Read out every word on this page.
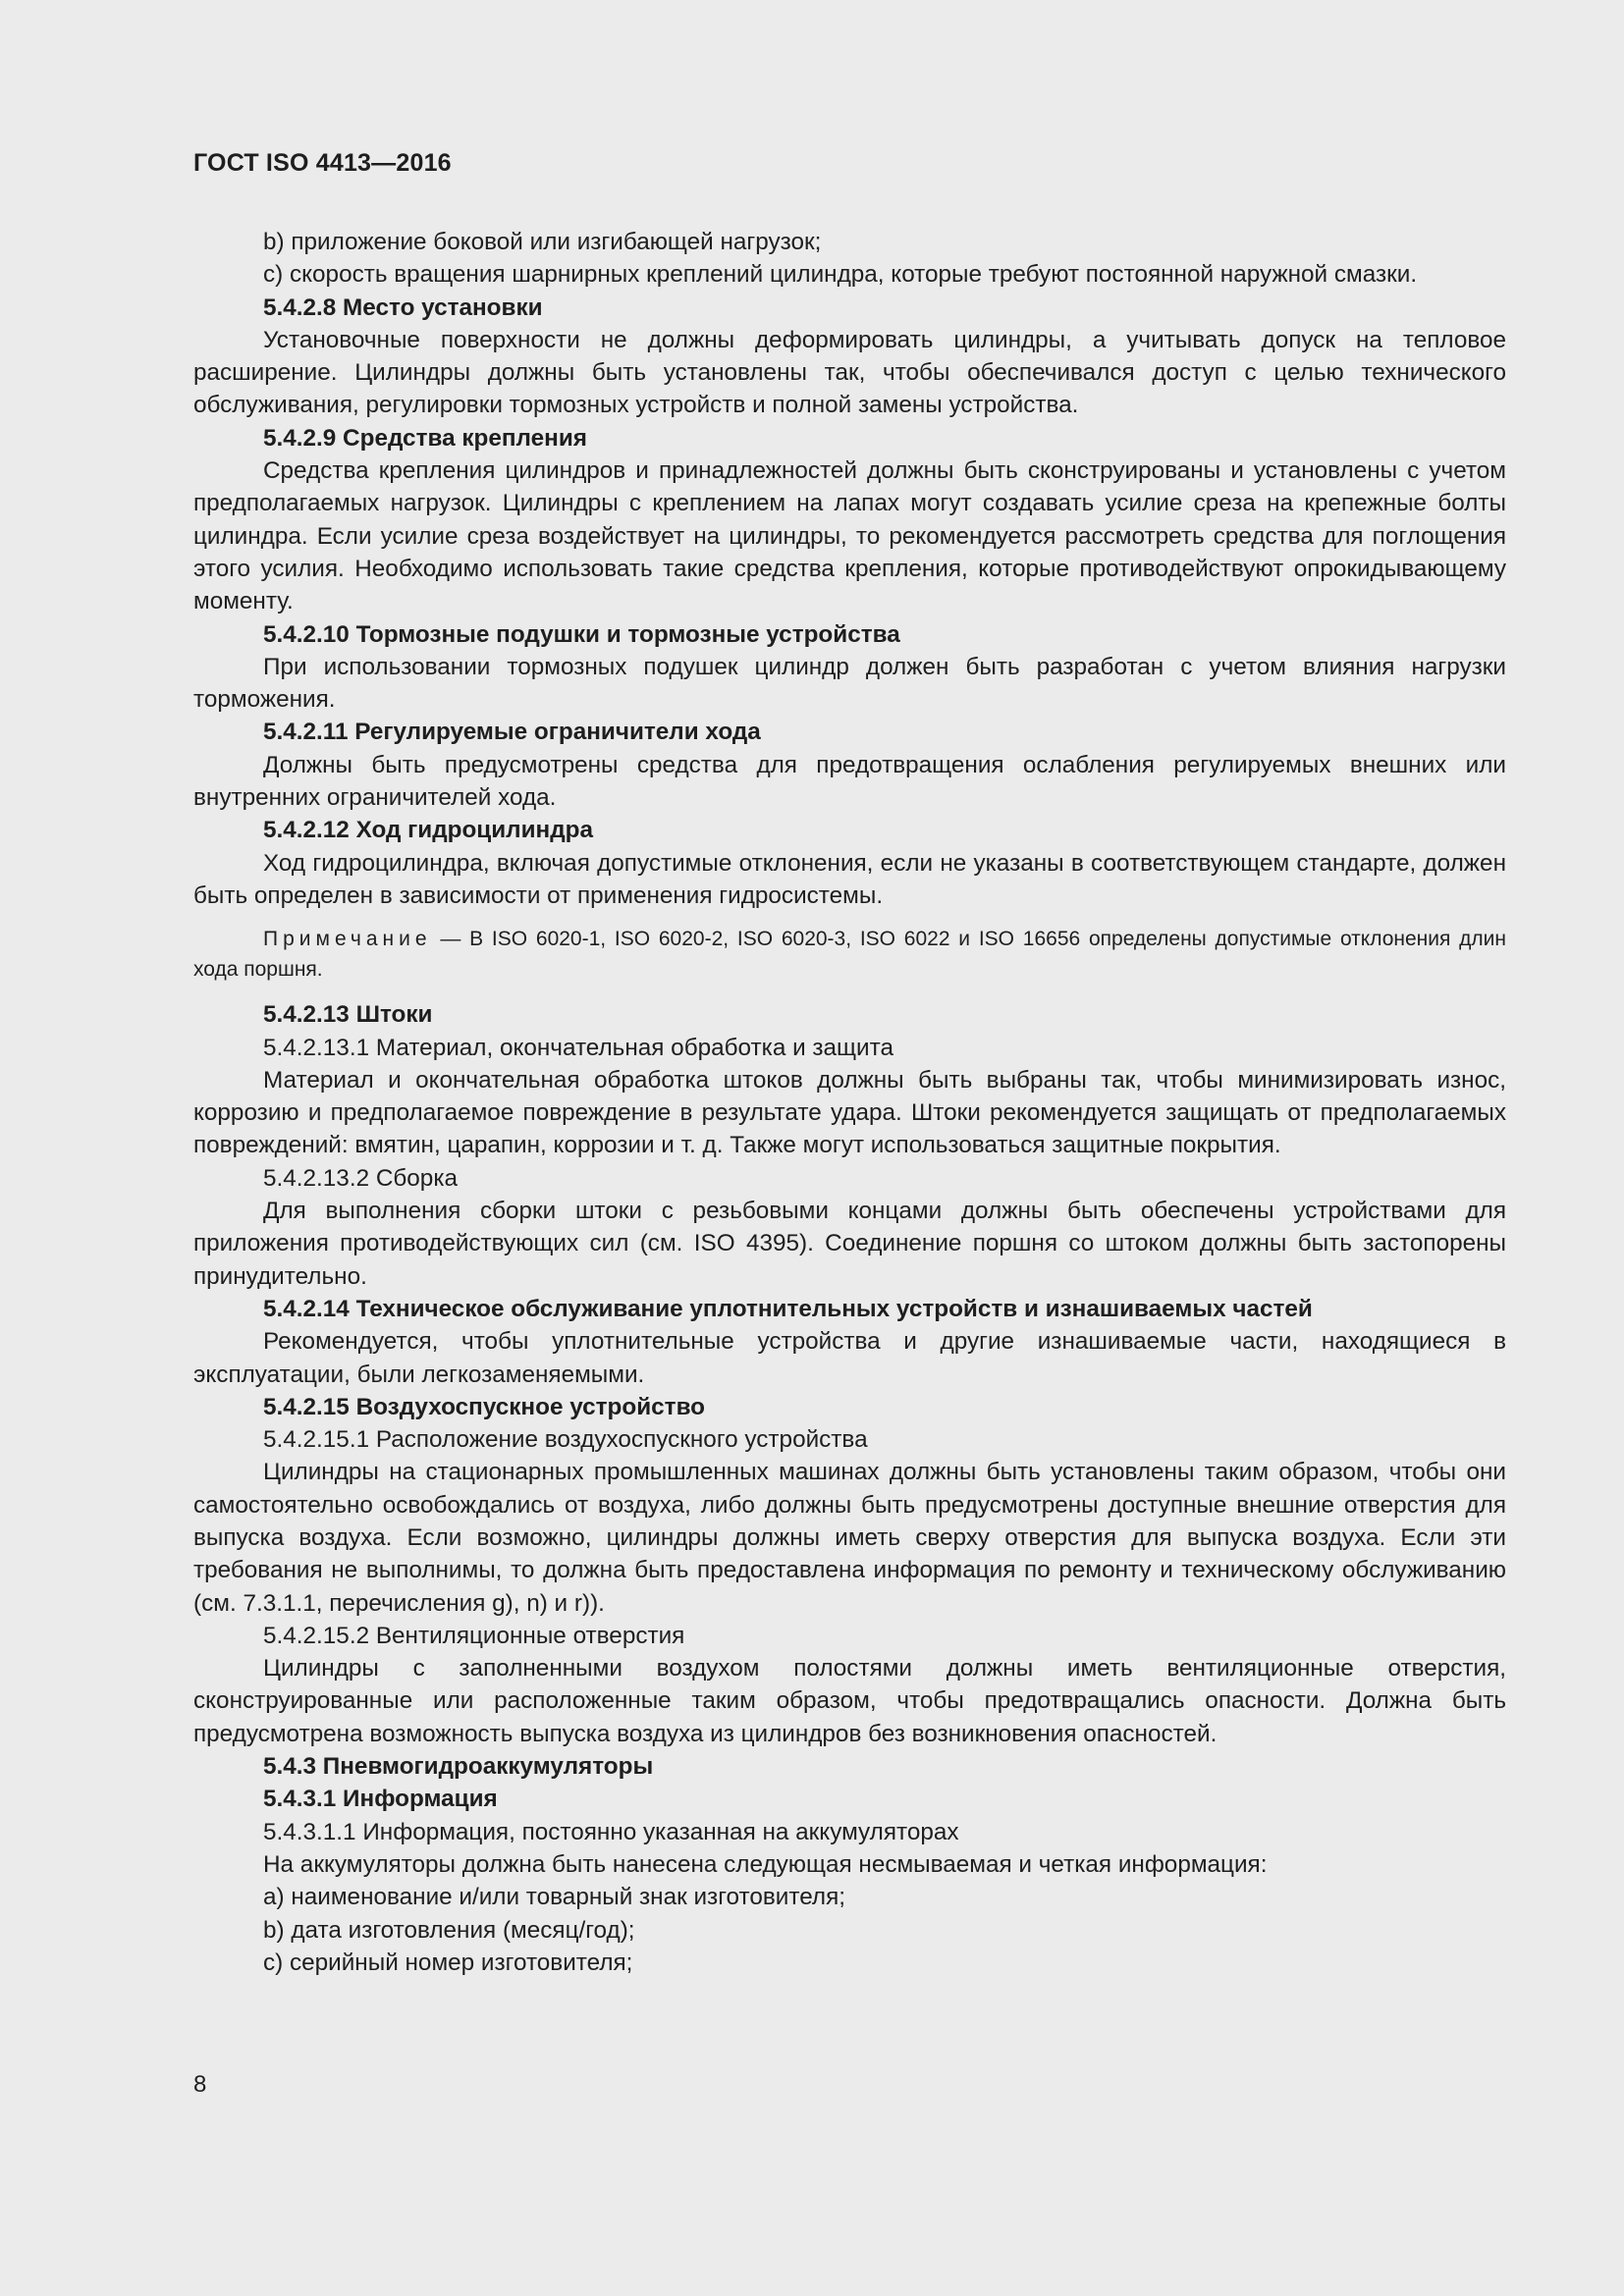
ГОСТ ISO 4413—2016

b) приложение боковой или изгибающей нагрузок;

c) скорость вращения шарнирных креплений цилиндра, которые требуют постоянной наружной смазки.

5.4.2.8 Место установки

Установочные поверхности не должны деформировать цилиндры, а учитывать допуск на тепловое расширение. Цилиндры должны быть установлены так, чтобы обеспечивался доступ с целью технического обслуживания, регулировки тормозных устройств и полной замены устройства.

5.4.2.9 Средства крепления

Средства крепления цилиндров и принадлежностей должны быть сконструированы и установлены с учетом предполагаемых нагрузок. Цилиндры с креплением на лапах могут создавать усилие среза на крепежные болты цилиндра. Если усилие среза воздействует на цилиндры, то рекомендуется рассмотреть средства для поглощения этого усилия. Необходимо использовать такие средства крепления, которые противодействуют опрокидывающему моменту.

5.4.2.10 Тормозные подушки и тормозные устройства

При использовании тормозных подушек цилиндр должен быть разработан с учетом влияния нагрузки торможения.

5.4.2.11 Регулируемые ограничители хода

Должны быть предусмотрены средства для предотвращения ослабления регулируемых внешних или внутренних ограничителей хода.

5.4.2.12 Ход гидроцилиндра

Ход гидроцилиндра, включая допустимые отклонения, если не указаны в соответствующем стандарте, должен быть определен в зависимости от применения гидросистемы.

Примечание — В ISO 6020-1, ISO 6020-2, ISO 6020-3, ISO 6022 и ISO 16656 определены допустимые отклонения длин хода поршня.

5.4.2.13 Штоки

5.4.2.13.1 Материал, окончательная обработка и защита

Материал и окончательная обработка штоков должны быть выбраны так, чтобы минимизировать износ, коррозию и предполагаемое повреждение в результате удара. Штоки рекомендуется защищать от предполагаемых повреждений: вмятин, царапин, коррозии и т. д. Также могут использоваться защитные покрытия.

5.4.2.13.2 Сборка

Для выполнения сборки штоки с резьбовыми концами должны быть обеспечены устройствами для приложения противодействующих сил (см. ISO 4395). Соединение поршня со штоком должны быть застопорены принудительно.

5.4.2.14 Техническое обслуживание уплотнительных устройств и изнашиваемых частей

Рекомендуется, чтобы уплотнительные устройства и другие изнашиваемые части, находящиеся в эксплуатации, были легкозаменяемыми.

5.4.2.15 Воздухоспускное устройство

5.4.2.15.1 Расположение воздухоспускного устройства

Цилиндры на стационарных промышленных машинах должны быть установлены таким образом, чтобы они самостоятельно освобождались от воздуха, либо должны быть предусмотрены доступные внешние отверстия для выпуска воздуха. Если возможно, цилиндры должны иметь сверху отверстия для выпуска воздуха. Если эти требования не выполнимы, то должна быть предоставлена информация по ремонту и техническому обслуживанию (см. 7.3.1.1, перечисления g), n) и r)).

5.4.2.15.2 Вентиляционные отверстия

Цилиндры с заполненными воздухом полостями должны иметь вентиляционные отверстия, сконструированные или расположенные таким образом, чтобы предотвращались опасности. Должна быть предусмотрена возможность выпуска воздуха из цилиндров без возникновения опасностей.

5.4.3 Пневмогидроаккумуляторы

5.4.3.1 Информация

5.4.3.1.1 Информация, постоянно указанная на аккумуляторах

На аккумуляторы должна быть нанесена следующая несмываемая и четкая информация:

a) наименование и/или товарный знак изготовителя;

b) дата изготовления (месяц/год);

c) серийный номер изготовителя;

8
